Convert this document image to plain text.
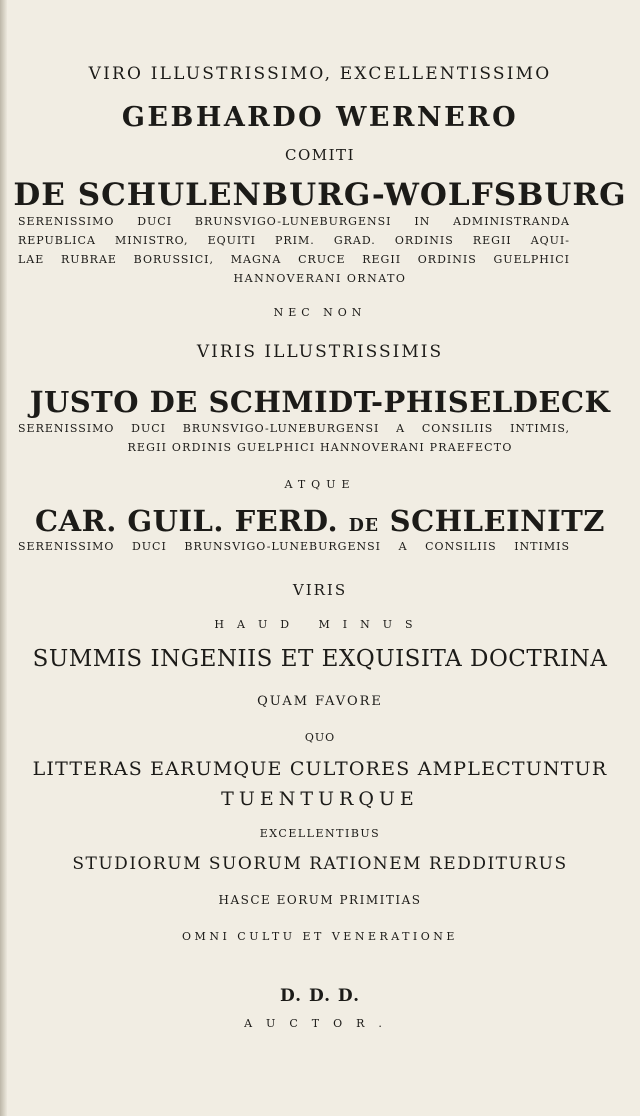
VIRO ILLUSTRISSIMO, EXCELLENTISSIMO
GEBHARDO WERNERO
COMITI
DE SCHULENBURG-WOLFSBURG
SERENISSIMO DUCI BRUNSVIGO-LUNEBURGENSI IN ADMINISTRANDA
REPUBLICA MINISTRO, EQUITI PRIM. GRAD. ORDINIS REGII AQUI-
LAE RUBRAE BORUSSICI, MAGNA CRUCE REGII ORDINIS GUELPHICI
HANNOVERANI ORNATO
NEC NON
VIRIS ILLUSTRISSIMIS
JUSTO DE SCHMIDT-PHISELDECK
SERENISSIMO DUCI BRUNSVIGO-LUNEBURGENSI A CONSILIIS INTIMIS,
REGII ORDINIS GUELPHICI HANNOVERANI PRAEFECTO
ATQUE
CAR. GUIL. FERD. DE SCHLEINITZ
SERENISSIMO DUCI BRUNSVIGO-LUNEBURGENSI A CONSILIIS INTIMIS
VIRIS
HAUD MINUS
SUMMIS INGENIIS ET EXQUISITA DOCTRINA
QUAM FAVORE
QUO
LITTERAS EARUMQUE CULTORES AMPLECTUNTUR
TUENTURQUE
EXCELLENTIBUS
STUDIORUM SUORUM RATIONEM REDDITURUS
HASCE EORUM PRIMITIAS
OMNI CULTU ET VENERATIONE
D. D. D.
AUCTOR.
